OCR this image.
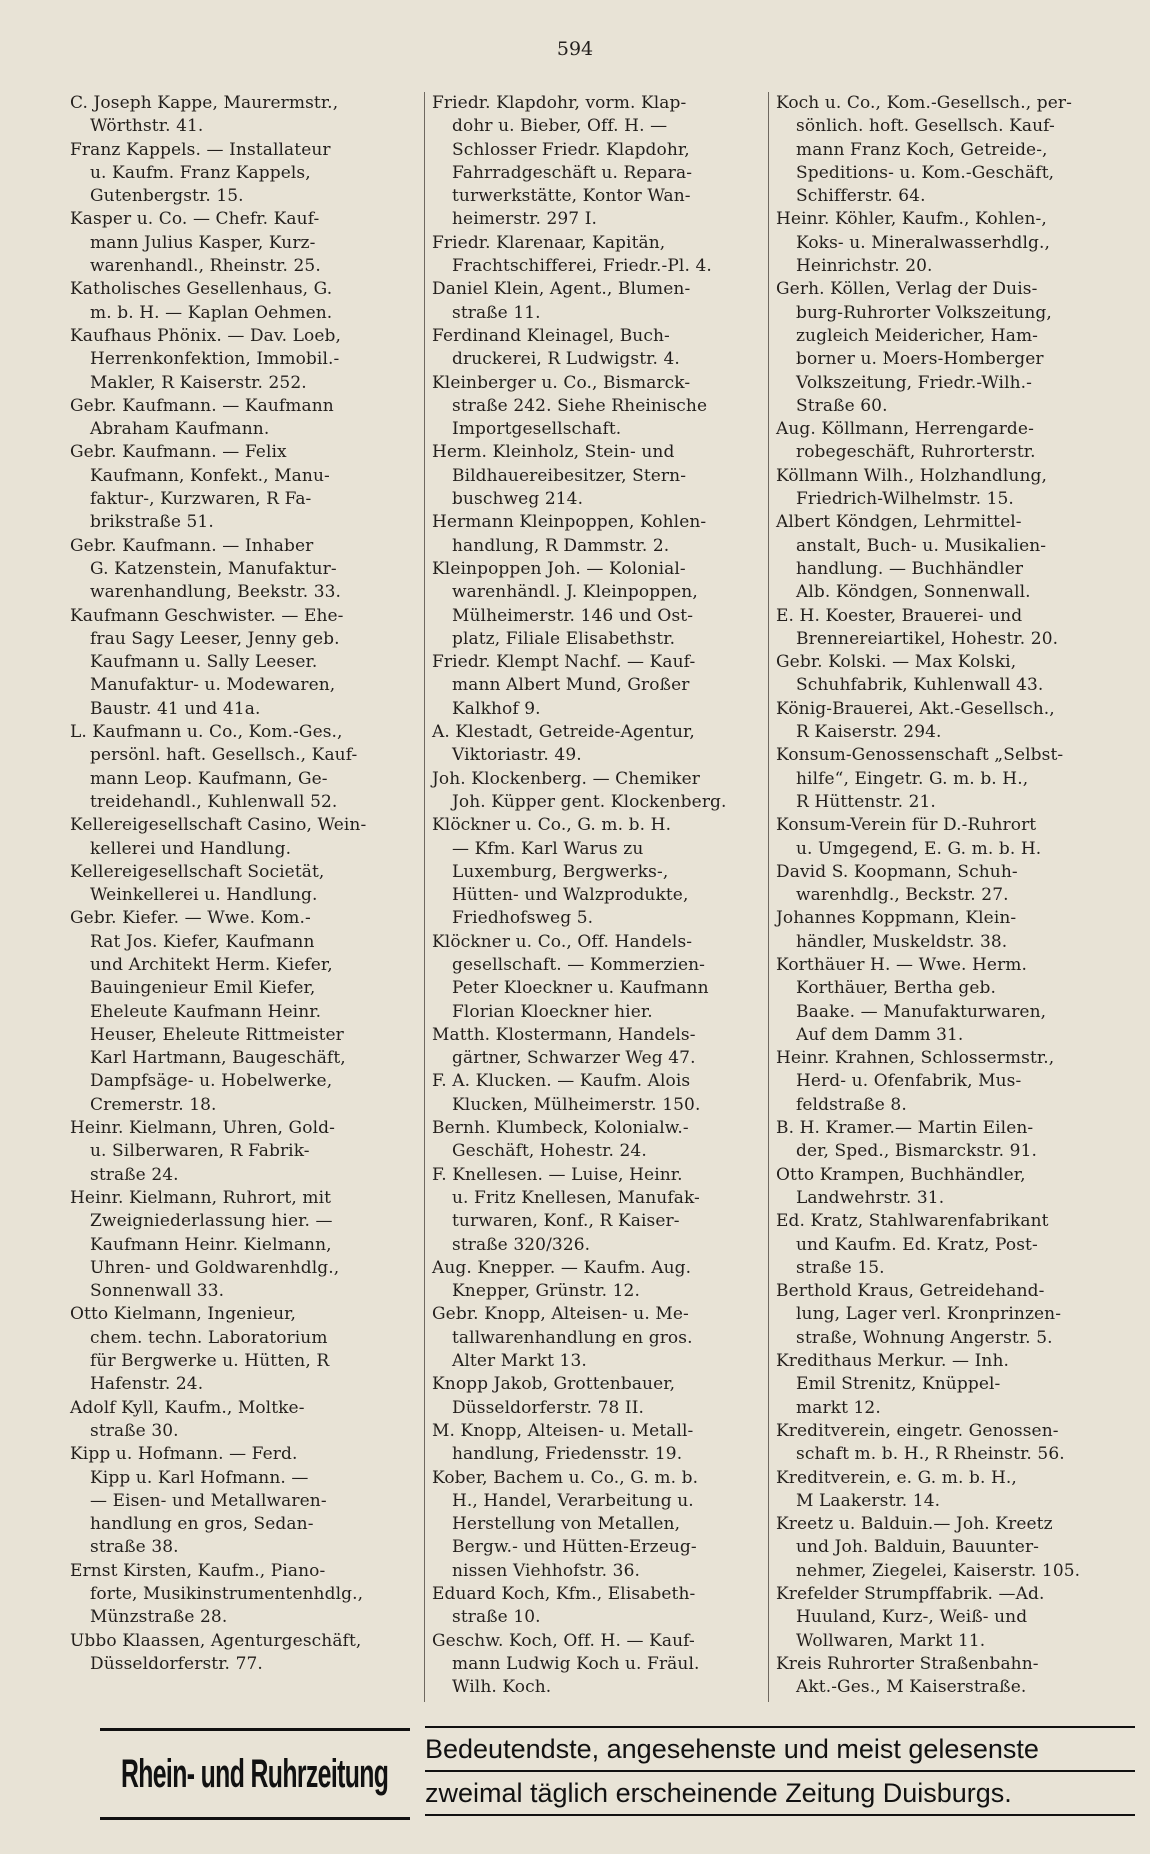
594
C. Joseph Kappe, Maurermstr.,
Wörthstr. 41.
Franz Kappels. — Installateur
u. Kaufm. Franz Kappels,
Gutenbergstr. 15.
Kasper u. Co. — Chefr. Kauf-
mann Julius Kasper, Kurz-
warenhandl., Rheinstr. 25.
Katholisches Gesellenhaus, G.
m. b. H. — Kaplan Oehmen.
Kaufhaus Phönix. — Dav. Loeb,
Herrenkonfektion, Immobil.-
Makler, R Kaiserstr. 252.
Gebr. Kaufmann. — Kaufmann
Abraham Kaufmann.
Gebr. Kaufmann. — Felix
Kaufmann, Konfekt., Manu-
faktur-, Kurzwaren, R Fa-
brikstraße 51.
Gebr. Kaufmann. — Inhaber
G. Katzenstein, Manufaktur-
warenhandlung, Beekstr. 33.
Kaufmann Geschwister. — Ehe-
frau Sagy Leeser, Jenny geb.
Kaufmann u. Sally Leeser.
Manufaktur- u. Modewaren,
Baustr. 41 und 41a.
L. Kaufmann u. Co., Kom.-Ges.,
persönl. haft. Gesellsch., Kauf-
mann Leop. Kaufmann, Ge-
treidehandl., Kuhlenwall 52.
Kellereigesellschaft Casino, Wein-
kellerei und Handlung.
Kellereigesellschaft Societät,
Weinkellerei u. Handlung.
Gebr. Kiefer. — Wwe. Kom.-
Rat Jos. Kiefer, Kaufmann
und Architekt Herm. Kiefer,
Bauingenieur Emil Kiefer,
Eheleute Kaufmann Heinr.
Heuser, Eheleute Rittmeister
Karl Hartmann, Baugeschäft,
Dampfsäge- u. Hobelwerke,
Cremerstr. 18.
Heinr. Kielmann, Uhren, Gold-
u. Silberwaren, R Fabrik-
straße 24.
Heinr. Kielmann, Ruhrort, mit
Zweigniederlassung hier. —
Kaufmann Heinr. Kielmann,
Uhren- und Goldwarenhdlg.,
Sonnenwall 33.
Otto Kielmann, Ingenieur,
chem. techn. Laboratorium
für Bergwerke u. Hütten, R
Hafenstr. 24.
Adolf Kyll, Kaufm., Moltke-
straße 30.
Kipp u. Hofmann. — Ferd.
Kipp u. Karl Hofmann. —
— Eisen- und Metallwaren-
handlung en gros, Sedan-
straße 38.
Ernst Kirsten, Kaufm., Piano-
forte, Musikinstrumentenhdlg.,
Münzstraße 28.
Ubbo Klaassen, Agenturgeschäft,
Düsseldorferstr. 77.
Friedr. Klapdohr, vorm. Klap-
dohr u. Bieber, Off. H. —
Schlosser Friedr. Klapdohr,
Fahrradgeschäft u. Repara-
turwerkstätte, Kontor Wan-
heimerstr. 297 I.
Friedr. Klarenaar, Kapitän,
Frachtschifferei, Friedr.-Pl. 4.
Daniel Klein, Agent., Blumen-
straße 11.
Ferdinand Kleinagel, Buch-
druckerei, R Ludwigstr. 4.
Kleinberger u. Co., Bismarck-
straße 242. Siehe Rheinische
Importgesellschaft.
Herm. Kleinholz, Stein- und
Bildhauereibesitzer, Stern-
buschweg 214.
Hermann Kleinpoppen, Kohlen-
handlung, R Dammstr. 2.
Kleinpoppen Joh. — Kolonial-
warenhändl. J. Kleinpoppen,
Mülheimerstr. 146 und Ost-
platz, Filiale Elisabethstr.
Friedr. Klempt Nachf. — Kauf-
mann Albert Mund, Großer
Kalkhof 9.
A. Klestadt, Getreide-Agentur,
Viktoriastr. 49.
Joh. Klockenberg. — Chemiker
Joh. Küpper gent. Klockenberg.
Klöckner u. Co., G. m. b. H.
— Kfm. Karl Warus zu
Luxemburg, Bergwerks-,
Hütten- und Walzprodukte,
Friedhofsweg 5.
Klöckner u. Co., Off. Handels-
gesellschaft. — Kommerzien-
Peter Kloeckner u. Kaufmann
Florian Kloeckner hier.
Matth. Klostermann, Handels-
gärtner, Schwarzer Weg 47.
F. A. Klucken. — Kaufm. Alois
Klucken, Mülheimerstr. 150.
Bernh. Klumbeck, Kolonialw.-
Geschäft, Hohestr. 24.
F. Knellesen. — Luise, Heinr.
u. Fritz Knellesen, Manufak-
turwaren, Konf., R Kaiser-
straße 320/326.
Aug. Knepper. — Kaufm. Aug.
Knepper, Grünstr. 12.
Gebr. Knopp, Alteisen- u. Me-
tallwarenhandlung en gros.
Alter Markt 13.
Knopp Jakob, Grottenbauer,
Düsseldorferstr. 78 II.
M. Knopp, Alteisen- u. Metall-
handlung, Friedensstr. 19.
Kober, Bachem u. Co., G. m. b.
H., Handel, Verarbeitung u.
Herstellung von Metallen,
Bergw.- und Hütten-Erzeug-
nissen Viehhofstr. 36.
Eduard Koch, Kfm., Elisabeth-
straße 10.
Geschw. Koch, Off. H. — Kauf-
mann Ludwig Koch u. Fräul.
Wilh. Koch.
Koch u. Co., Kom.-Gesellsch., per-
sönlich. hoft. Gesellsch. Kauf-
mann Franz Koch, Getreide-,
Speditions- u. Kom.-Geschäft,
Schifferstr. 64.
Heinr. Köhler, Kaufm., Kohlen-,
Koks- u. Mineralwasserhdlg.,
Heinrichstr. 20.
Gerh. Köllen, Verlag der Duis-
burg-Ruhrorter Volkszeitung,
zugleich Meidericher, Ham-
borner u. Moers-Homberger
Volkszeitung, Friedr.-Wilh.-
Straße 60.
Aug. Köllmann, Herrengarde-
robegeschäft, Ruhrorterstr.
Köllmann Wilh., Holzhandlung,
Friedrich-Wilhelmstr. 15.
Albert Köndgen, Lehrmittel-
anstalt, Buch- u. Musikalien-
handlung. — Buchhändler
Alb. Köndgen, Sonnenwall.
E. H. Koester, Brauerei- und
Brennereiartikel, Hohestr. 20.
Gebr. Kolski. — Max Kolski,
Schuhfabrik, Kuhlenwall 43.
König-Brauerei, Akt.-Gesellsch.,
R Kaiserstr. 294.
Konsum-Genossenschaft „Selbst-
hilfe“, Eingetr. G. m. b. H.,
R Hüttenstr. 21.
Konsum-Verein für D.-Ruhrort
u. Umgegend, E. G. m. b. H.
David S. Koopmann, Schuh-
warenhdlg., Beckstr. 27.
Johannes Koppmann, Klein-
händler, Muskeldstr. 38.
Korthäuer H. — Wwe. Herm.
Korthäuer, Bertha geb.
Baake. — Manufakturwaren,
Auf dem Damm 31.
Heinr. Krahnen, Schlossermstr.,
Herd- u. Ofenfabrik, Mus-
feldstraße 8.
B. H. Kramer.— Martin Eilen-
der, Sped., Bismarckstr. 91.
Otto Krampen, Buchhändler,
Landwehrstr. 31.
Ed. Kratz, Stahlwarenfabrikant
und Kaufm. Ed. Kratz, Post-
straße 15.
Berthold Kraus, Getreidehand-
lung, Lager verl. Kronprinzen-
straße, Wohnung Angerstr. 5.
Kredithaus Merkur. — Inh.
Emil Strenitz, Knüppel-
markt 12.
Kreditverein, eingetr. Genossen-
schaft m. b. H., R Rheinstr. 56.
Kreditverein, e. G. m. b. H.,
M Laakerstr. 14.
Kreetz u. Balduin.— Joh. Kreetz
und Joh. Balduin, Bauunter-
nehmer, Ziegelei, Kaiserstr. 105.
Krefelder Strumpffabrik. —Ad.
Huuland, Kurz-, Weiß- und
Wollwaren, Markt 11.
Kreis Ruhrorter Straßenbahn-
Akt.-Ges., M Kaiserstraße.
Rhein- und Ruhrzeitung
Bedeutendste, angesehenste und meist gelesenste
zweimal täglich erscheinende Zeitung Duisburgs.
